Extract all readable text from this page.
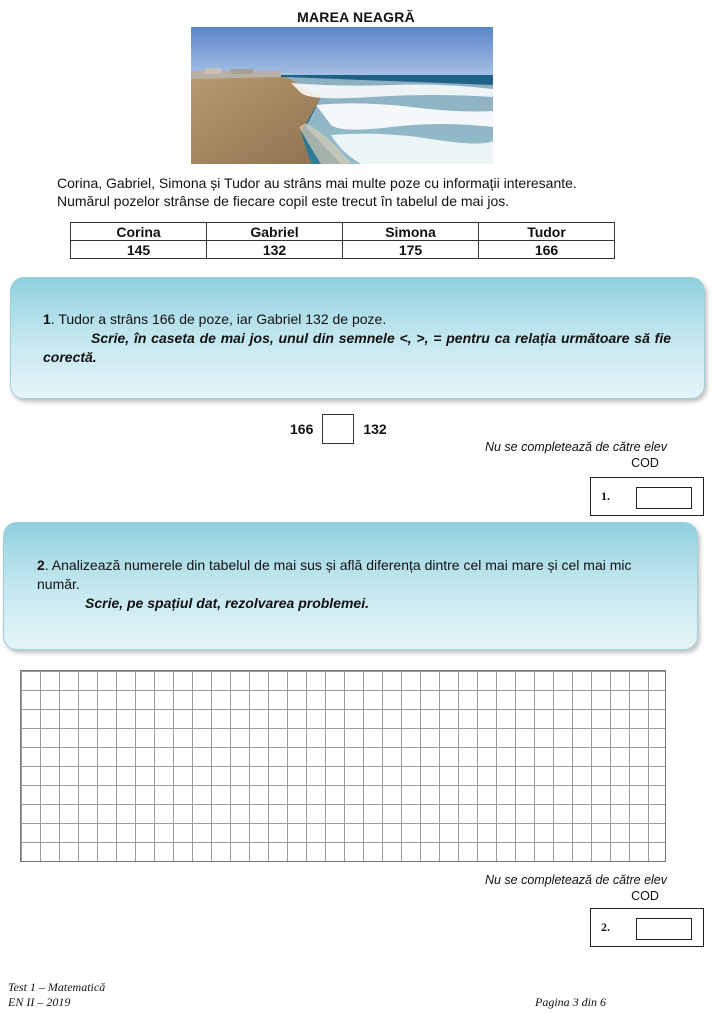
MAREA NEAGRĂ
Corina, Gabriel, Simona și Tudor au strâns mai multe poze cu informații interesante.
Numărul pozelor strânse de fiecare copil este trecut în tabelul de mai jos.
Corina	Gabriel	Simona	Tudor
145	132	175	166
1. Tudor a strâns 166 de poze, iar Gabriel 132 de poze.
Scrie, în caseta de mai jos, unul din semnele <, >, = pentru ca relația următoare să fie corectă.
166	132
Nu se completează de către elev
COD
1.
2. Analizează numerele din tabelul de mai sus și află diferența dintre cel mai mare și cel mai mic număr.
Scrie, pe spațiul dat, rezolvarea problemei.
Nu se completează de către elev
COD
2.
Test 1 – Matematică
EN II – 2019	Pagina 3 din 6
